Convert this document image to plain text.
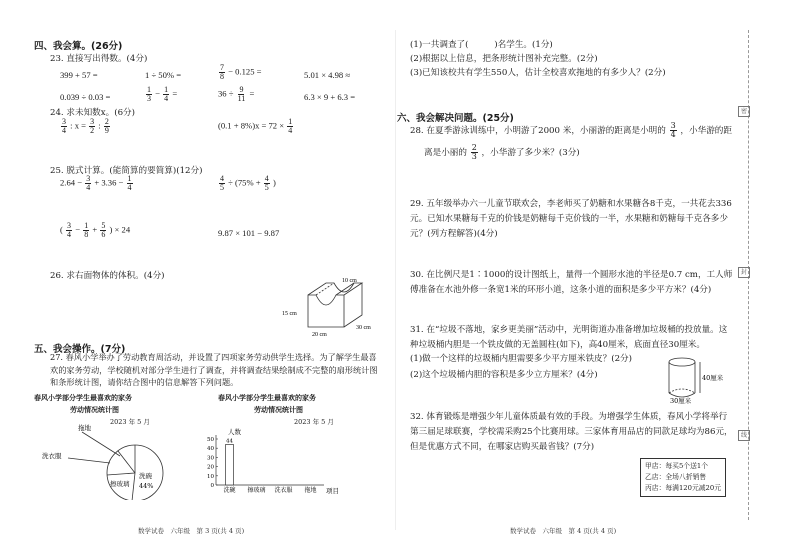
四、我会算。(26分)
23. 直接写出得数。(4分)
399 + 57 =	1 ÷ 50% =	$\frac{7}{8} - 0.125$ =	5.01 × 4.98 ≈
0.039 ÷ 0.03 =	$\frac{1}{3} - \frac{1}{4}$ =	$36 \div \frac{9}{11}$ =	6.3 × 9 + 6.3 =
24. 求未知数x。(6分)
$\frac{3}{4}$ : $x = \frac{3}{2}$ : $\frac{2}{9}$	$(0.1 + 8\%)x = 72 \times \frac{1}{4}$
25. 脱式计算。(能简算的要简算)(12分)
$2.64 - \frac{3}{4} + 3.36 - \frac{1}{4}$	$\frac{4}{5} \div (75\% + \frac{4}{5}$ )
( $\frac{3}{4} - \frac{1}{8} + \frac{5}{6}$ ) × 24	9.87 × 101 − 9.87
26. 求右面物体的体积。(4分)	10 cm
15 cm
20 cm
30 cm
五、我会操作。(7分)
27. 春风小学举办了劳动教育周活动，并设置了四项家务劳动供学生选择。为了解学生最喜欢的家务劳动，学校随机对部分学生进行了调查，并将调查结果绘制成不完整的扇形统计图和条形统计图，请你结合图中的信息解答下列问题。
春风小学部分学生最喜欢的家务
劳动情况统计图
2023 年 5 月
拖地
洗衣服
擦玻璃
洗碗
44%
春风小学部分学生最喜欢的家务
劳动情况统计图
2023 年 5 月
人数
0
10
20
30
40
50 44
洗碗 擦玻璃 洗衣服 拖地 项目
数学试卷　六年级　第 3 页(共 4 页)
(1)一共调查了(　　　)名学生。(1分)
(2)根据以上信息，把条形统计图补充完整。(2分)
(3)已知该校共有学生550人，估计全校喜欢拖地的有多少人？(2分)
六、我会解决问题。(25分)
28. 在夏季游泳训练中，小明游了2000 米，小丽游的距离是小明的 $\frac{3}{4}$ ，小华游的距
离是小丽的 $\frac{2}{3}$ ，小华游了多少米？(3分)
29. 五年级举办六一儿童节联欢会，李老师买了奶糖和水果糖各8千克，一共花去336元。已知水果糖每千克的价钱是奶糖每千克价钱的一半，水果糖和奶糖每千克各多少元？(列方程解答)(4分)
30. 在比例尺是1∶1000的设计图纸上，量得一个圆形水池的半径是0.7 cm，工人师傅准备在水池外修一条宽1米的环形小道，这条小道的面积是多少平方米？(4分)
31. 在“垃圾不落地，家乡更美丽”活动中，光明街道办准备增加垃圾桶的投放量。这种垃圾桶内胆是一个铁皮做的无盖圆柱(如下)，高40厘米，底面直径30厘米。
(1)做一个这样的垃圾桶内胆需要多少平方厘米铁皮？(2分)
(2)这个垃圾桶内胆的容积是多少立方厘米？(4分)	40厘米
30厘米
32. 体育锻炼是增强少年儿童体质最有效的手段。为增强学生体质，春风小学将举行第三届足球联赛，学校需采购25个比赛用球。三家体育用品店的同款足球均为86元，但是优惠方式不同，在哪家店购买最省钱？(7分)
甲店：每买5个送1个
乙店：全场八折销售
丙店：每满120元减20元
数学试卷　六年级　第 4 页(共 4 页)
密
封
线
